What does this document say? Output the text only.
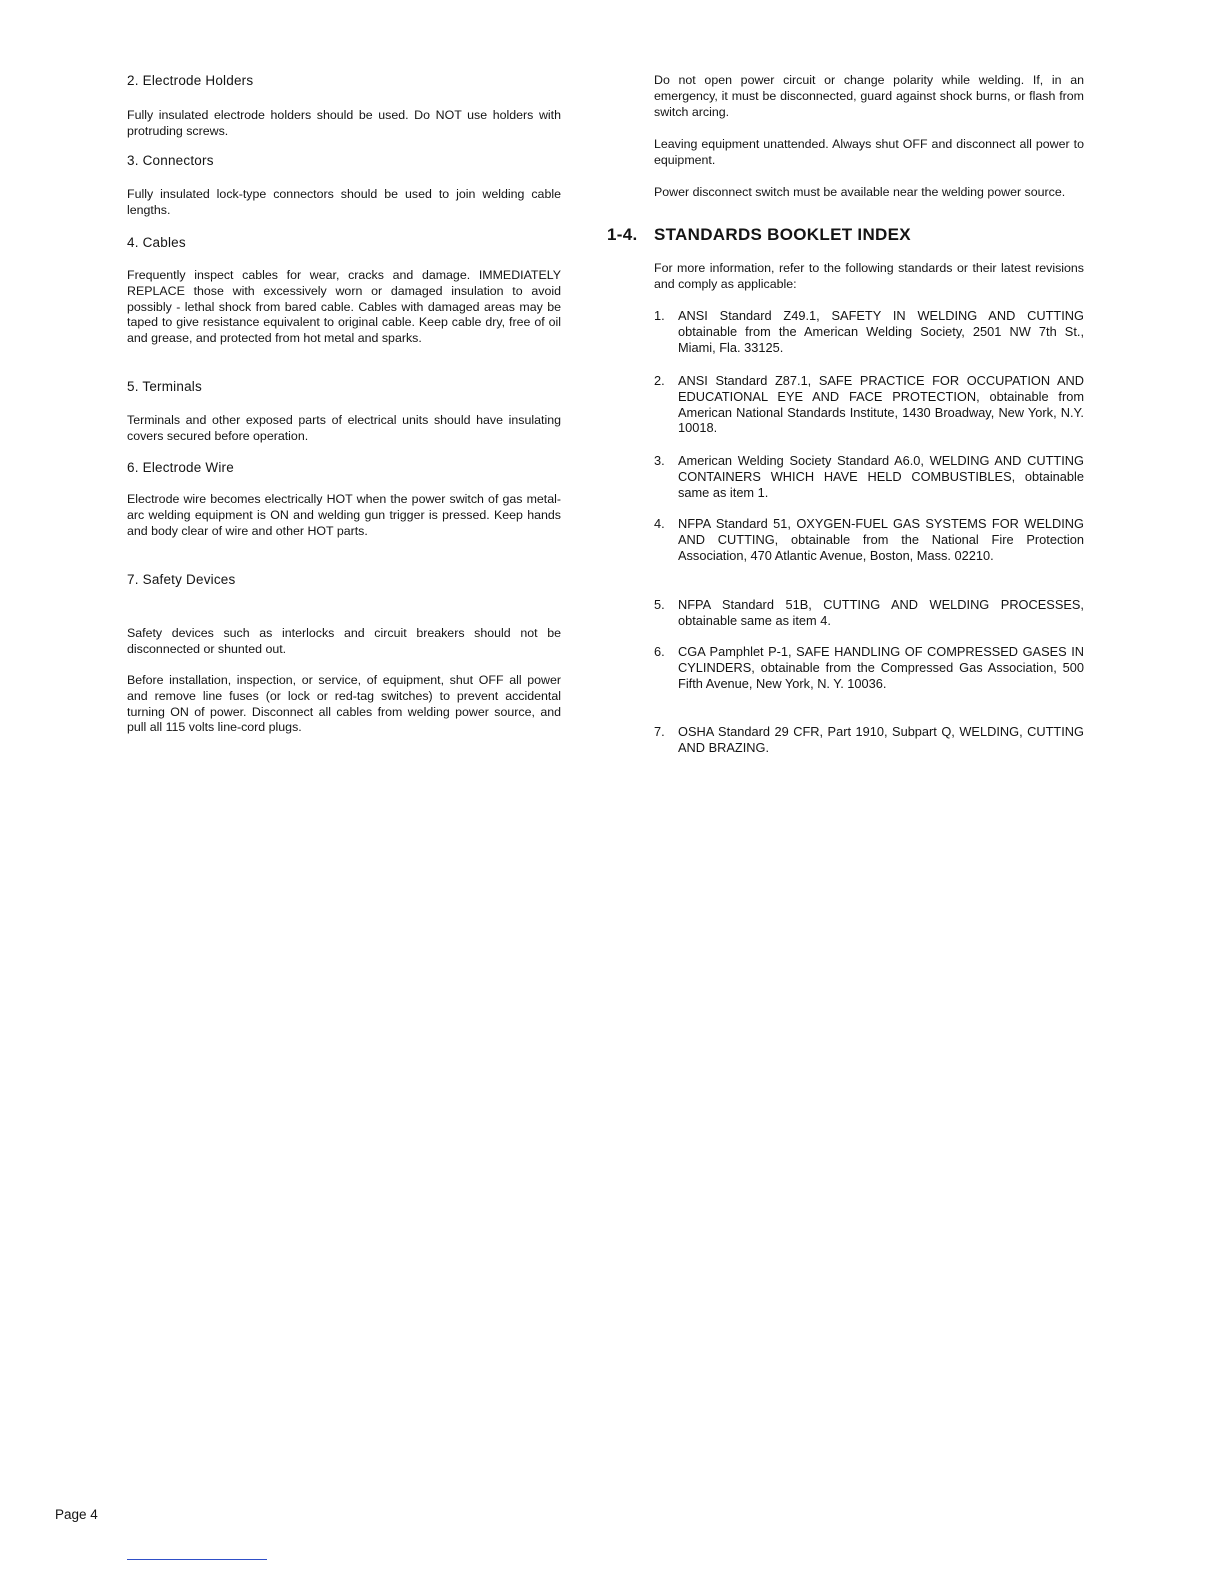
2. Electrode Holders
Fully insulated electrode holders should be used. Do NOT use holders with protruding screws.
3. Connectors
Fully insulated lock-type connectors should be used to join welding cable lengths.
4. Cables
Frequently inspect cables for wear, cracks and damage. IMMEDIATELY REPLACE those with excessively worn or damaged insulation to avoid possibly - lethal shock from bared cable. Cables with damaged areas may be taped to give resistance equivalent to original cable. Keep cable dry, free of oil and grease, and protected from hot metal and sparks.
5. Terminals
Terminals and other exposed parts of electrical units should have insulating covers secured before operation.
6. Electrode Wire
Electrode wire becomes electrically HOT when the power switch of gas metal-arc welding equipment is ON and welding gun trigger is pressed. Keep hands and body clear of wire and other HOT parts.
7. Safety Devices
Safety devices such as interlocks and circuit breakers should not be disconnected or shunted out.
Before installation, inspection, or service, of equipment, shut OFF all power and remove line fuses (or lock or red-tag switches) to prevent accidental turning ON of power. Disconnect all cables from welding power source, and pull all 115 volts line-cord plugs.
Do not open power circuit or change polarity while welding. If, in an emergency, it must be disconnected, guard against shock burns, or flash from switch arcing.
Leaving equipment unattended. Always shut OFF and disconnect all power to equipment.
Power disconnect switch must be available near the welding power source.
1-4. STANDARDS BOOKLET INDEX
For more information, refer to the following standards or their latest revisions and comply as applicable:
1. ANSI Standard Z49.1, SAFETY IN WELDING AND CUTTING obtainable from the American Welding Society, 2501 NW 7th St., Miami, Fla. 33125.
2. ANSI Standard Z87.1, SAFE PRACTICE FOR OCCUPATION AND EDUCATIONAL EYE AND FACE PROTECTION, obtainable from American National Standards Institute, 1430 Broadway, New York, N.Y. 10018.
3. American Welding Society Standard A6.0, WELDING AND CUTTING CONTAINERS WHICH HAVE HELD COMBUSTIBLES, obtainable same as item 1.
4. NFPA Standard 51, OXYGEN-FUEL GAS SYSTEMS FOR WELDING AND CUTTING, obtainable from the National Fire Protection Association, 470 Atlantic Avenue, Boston, Mass. 02210.
5. NFPA Standard 51B, CUTTING AND WELDING PROCESSES, obtainable same as item 4.
6. CGA Pamphlet P-1, SAFE HANDLING OF COMPRESSED GASES IN CYLINDERS, obtainable from the Compressed Gas Association, 500 Fifth Avenue, New York, N. Y. 10036.
7. OSHA Standard 29 CFR, Part 1910, Subpart Q, WELDING, CUTTING AND BRAZING.
Page 4
